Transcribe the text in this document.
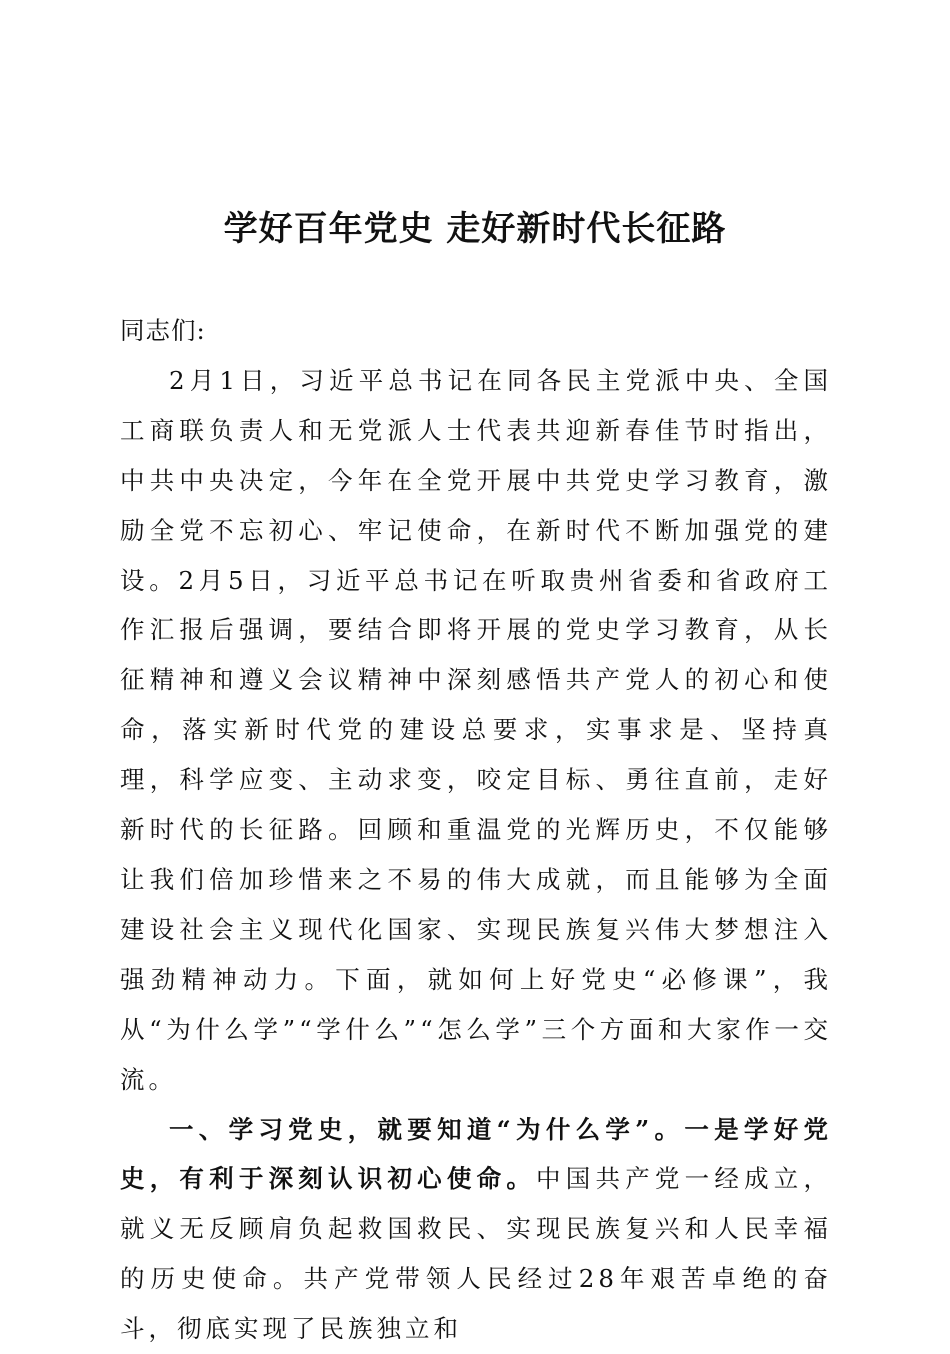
学好百年党史 走好新时代长征路

同志们:

2月1日，习近平总书记在同各民主党派中央、全国工商联负责人和无党派人士代表共迎新春佳节时指出，中共中央决定，今年在全党开展中共党史学习教育，激励全党不忘初心、牢记使命，在新时代不断加强党的建设。2月5日，习近平总书记在听取贵州省委和省政府工作汇报后强调，要结合即将开展的党史学习教育，从长征精神和遵义会议精神中深刻感悟共产党人的初心和使命，落实新时代党的建设总要求，实事求是、坚持真理，科学应变、主动求变，咬定目标、勇往直前，走好新时代的长征路。回顾和重温党的光辉历史，不仅能够让我们倍加珍惜来之不易的伟大成就，而且能够为全面建设社会主义现代化国家、实现民族复兴伟大梦想注入强劲精神动力。下面，就如何上好党史“必修课”，我从“为什么学”“学什么”“怎么学”三个方面和大家作一交流。

一、学习党史，就要知道“为什么学”。一是学好党史，有利于深刻认识初心使命。中国共产党一经成立，就义无反顾肩负起救国救民、实现民族复兴和人民幸福的历史使命。共产党带领人民经过28年艰苦卓绝的奋斗，彻底实现了民族独立和
